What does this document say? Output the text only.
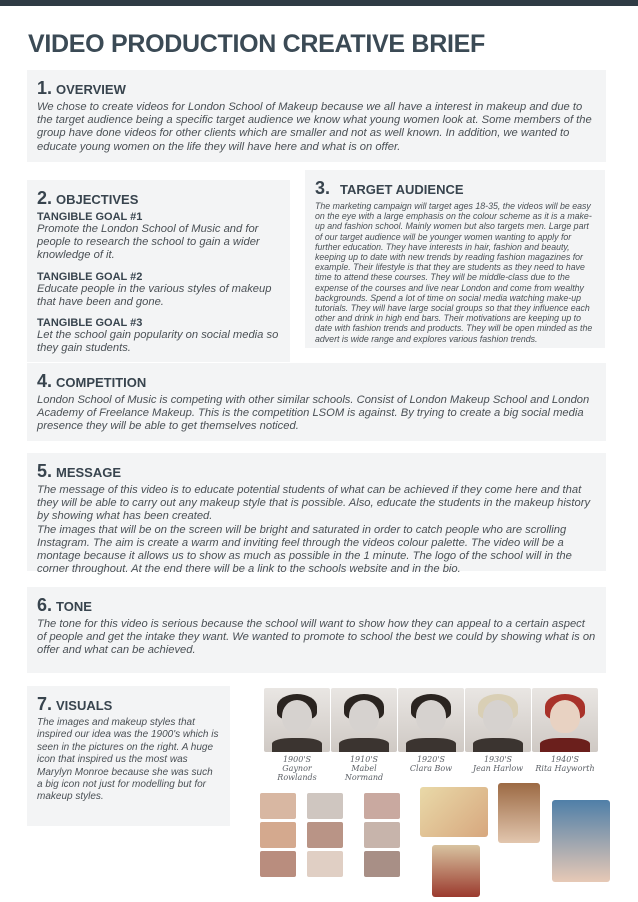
VIDEO PRODUCTION CREATIVE BRIEF

1. OVERVIEW

We chose to create videos for London School of Makeup because we all have a interest in makeup and due to the target audience being a specific target audience we know what young women look at. Some members of the group have done videos for other clients which are smaller and not as well known. In addition, we wanted to educate young women on the life they will have here and what is on offer.

2. OBJECTIVES

TANGIBLE GOAL #1

Promote the London School of Music and for people to research the school to gain a wider knowledge of it.

TANGIBLE GOAL #2

Educate people in the various styles of makeup that have been and gone.

TANGIBLE GOAL #3

Let the school gain popularity on social media so they gain students.

3. TARGET AUDIENCE

The marketing campaign will target ages 18-35, the videos will be easy on the eye with a large emphasis on the colour scheme as it is a make-up and fashion school. Mainly women but also targets men. Large part of our target audience will be younger women wanting to apply for further education. They have interests in hair, fashion and beauty, keeping up to date with new trends by reading fashion magazines for example. Their lifestyle is that they are students as they need to have time to attend these courses. They will be middle-class due to the expense of the courses and live near London and come from wealthy backgrounds. Spend a lot of time on social media watching make-up tutorials. They will have large social groups so that they influence each other and drink in high end bars. Their motivations are keeping up to date with fashion trends and products. They will be open minded as the advert is wide range and explores various fashion trends.

4. COMPETITION

London School of Music is competing with other similar schools. Consist of London Makeup School and London Academy of Freelance Makeup. This is the competition LSOM is against. By trying to create a big social media presence they will be able to get themselves noticed.

5. MESSAGE

The message of this video is to educate potential students of what can be achieved if they come here and that they will be able to carry out any makeup style that is possible. Also, educate the students in the makeup history by showing what has been created.

The images that will be on the screen will be bright and saturated in order to catch people who are scrolling Instagram. The aim is create a warm and inviting feel through the videos colour palette. The video will be a montage because it allows us to show as much as possible in the 1 minute. The logo of the school will in the corner throughout. At the end there will be a link to the schools website and in the bio.

6. TONE

The tone for this video is serious because the school will want to show how they can appeal to a certain aspect of people and get the intake they want. We wanted to promote to school the best we could by showing what is on offer and what can be achieved.

7. VISUALS

The images and makeup styles that inspired our idea was the 1900's which is seen in the pictures on the right. A huge icon that inspired us the most was Marylyn Monroe because she was such a big icon not just for modelling but for makeup styles.

1900'S
Gaynor Rowlands
1910'S
Mabel Normand
1920'S
Clara Bow
1930'S
Jean Harlow
1940'S
Rita Hayworth
